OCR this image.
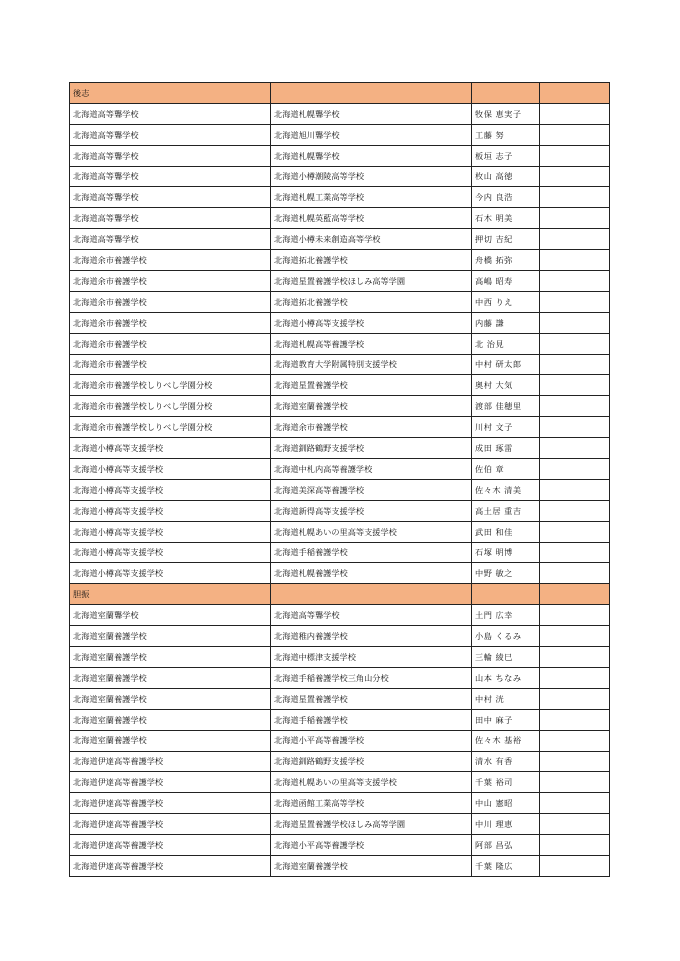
後志			
北海道高等聾学校	北海道札幌聾学校	牧保 恵実子	
北海道高等聾学校	北海道旭川聾学校	工藤 努	
北海道高等聾学校	北海道札幌聾学校	板垣 志子	
北海道高等聾学校	北海道小樽潮陵高等学校	枚山 高徳	
北海道高等聾学校	北海道札幌工業高等学校	今内 良浩	
北海道高等聾学校	北海道札幌英藍高等学校	石木 明美	
北海道高等聾学校	北海道小樽未来創造高等学校	押切 吉紀	
北海道余市養護学校	北海道拓北養護学校	舟橋 拓弥	
北海道余市養護学校	北海道星置養護学校ほしみ高等学園	高嶋 昭寿	
北海道余市養護学校	北海道拓北養護学校	中西 りえ	
北海道余市養護学校	北海道小樽高等支援学校	内藤 謙	
北海道余市養護学校	北海道札幌高等養護学校	北 治見	
北海道余市養護学校	北海道教育大学附属特別支援学校	中村 研太郎	
北海道余市養護学校しりべし学園分校	北海道星置養護学校	奥村 大気	
北海道余市養護学校しりべし学園分校	北海道室蘭養護学校	渡部 佳穂里	
北海道余市養護学校しりべし学園分校	北海道余市養護学校	川村 文子	
北海道小樽高等支援学校	北海道釧路鶴野支援学校	成田 琢雷	
北海道小樽高等支援学校	北海道中札内高等養護学校	佐伯 章	
北海道小樽高等支援学校	北海道美深高等養護学校	佐々木 清美	
北海道小樽高等支援学校	北海道新得高等支援学校	高土居 重吉	
北海道小樽高等支援学校	北海道札幌あいの里高等支援学校	武田 和佳	
北海道小樽高等支援学校	北海道手稲養護学校	石塚 明博	
北海道小樽高等支援学校	北海道札幌養護学校	中野 敏之	
胆振			
北海道室蘭聾学校	北海道高等聾学校	土門 広幸	
北海道室蘭養護学校	北海道稚内養護学校	小島 くるみ	
北海道室蘭養護学校	北海道中標津支援学校	三輪 綾巳	
北海道室蘭養護学校	北海道手稲養護学校三角山分校	山本 ちなみ	
北海道室蘭養護学校	北海道星置養護学校	中村 洸	
北海道室蘭養護学校	北海道手稲養護学校	田中 麻子	
北海道室蘭養護学校	北海道小平高等養護学校	佐々木 基裕	
北海道伊達高等養護学校	北海道釧路鶴野支援学校	清水 有香	
北海道伊達高等養護学校	北海道札幌あいの里高等支援学校	千葉 裕司	
北海道伊達高等養護学校	北海道函館工業高等学校	中山 憲昭	
北海道伊達高等養護学校	北海道星置養護学校ほしみ高等学園	中川 理恵	
北海道伊達高等養護学校	北海道小平高等養護学校	阿部 昌弘	
北海道伊達高等養護学校	北海道室蘭養護学校	千葉 隆広	
